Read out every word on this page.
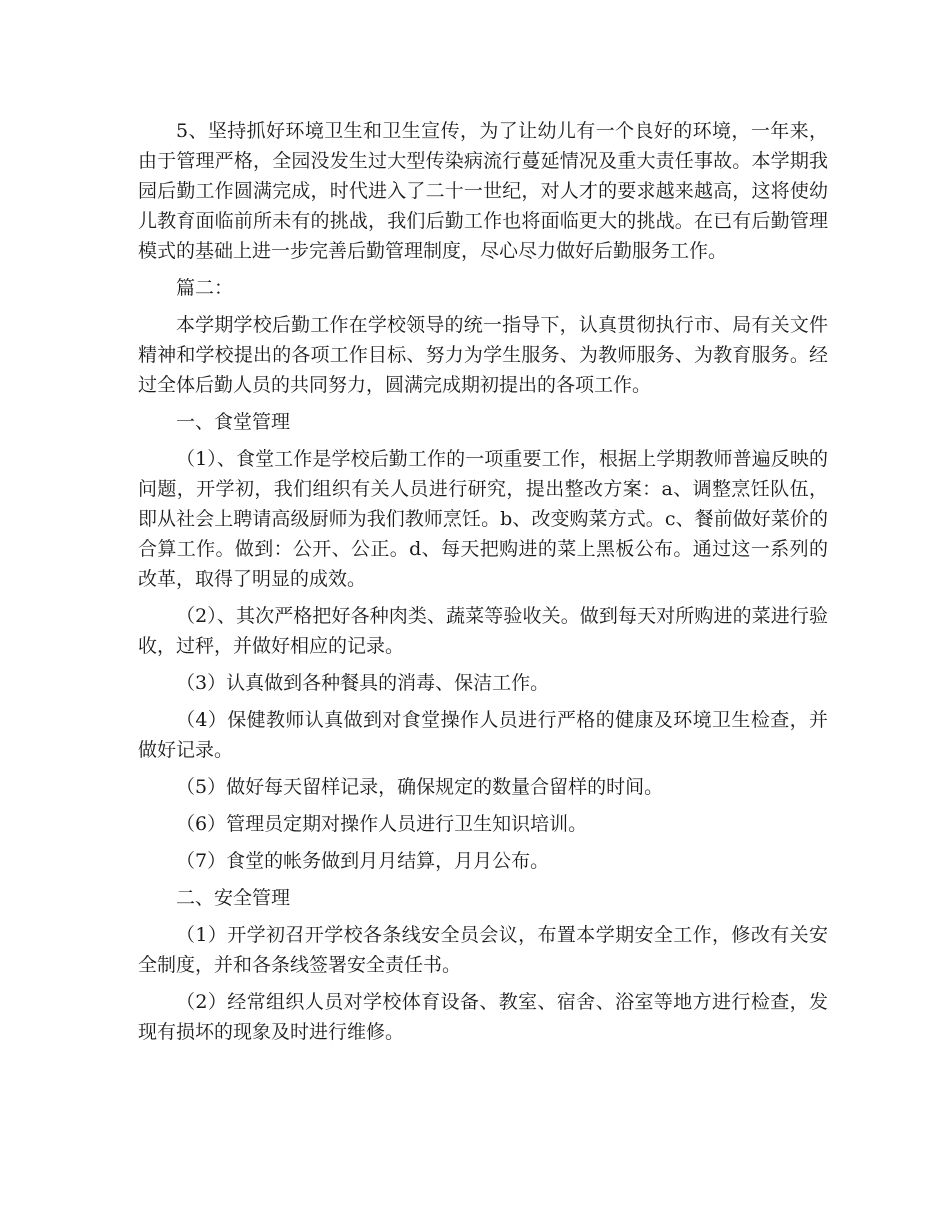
5、坚持抓好环境卫生和卫生宣传，为了让幼儿有一个良好的环境，一年来，由于管理严格，全园没发生过大型传染病流行蔓延情况及重大责任事故。本学期我园后勤工作圆满完成，时代进入了二十一世纪，对人才的要求越来越高，这将使幼儿教育面临前所未有的挑战，我们后勤工作也将面临更大的挑战。在已有后勤管理模式的基础上进一步完善后勤管理制度，尽心尽力做好后勤服务工作。

篇二：

本学期学校后勤工作在学校领导的统一指导下，认真贯彻执行市、局有关文件精神和学校提出的各项工作目标、努力为学生服务、为教师服务、为教育服务。经过全体后勤人员的共同努力，圆满完成期初提出的各项工作。

一、食堂管理

（1）、食堂工作是学校后勤工作的一项重要工作，根据上学期教师普遍反映的问题，开学初，我们组织有关人员进行研究，提出整改方案：a、调整烹饪队伍，即从社会上聘请高级厨师为我们教师烹饪。b、改变购菜方式。c、餐前做好菜价的合算工作。做到：公开、公正。d、每天把购进的菜上黑板公布。通过这一系列的改革，取得了明显的成效。

（2）、其次严格把好各种肉类、蔬菜等验收关。做到每天对所购进的菜进行验收，过秤，并做好相应的记录。

（3）认真做到各种餐具的消毒、保洁工作。

（4）保健教师认真做到对食堂操作人员进行严格的健康及环境卫生检查，并做好记录。

（5）做好每天留样记录，确保规定的数量合留样的时间。

（6）管理员定期对操作人员进行卫生知识培训。

（7）食堂的帐务做到月月结算，月月公布。

二、安全管理

（1）开学初召开学校各条线安全员会议，布置本学期安全工作，修改有关安全制度，并和各条线签署安全责任书。

（2）经常组织人员对学校体育设备、教室、宿舍、浴室等地方进行检查，发现有损坏的现象及时进行维修。
